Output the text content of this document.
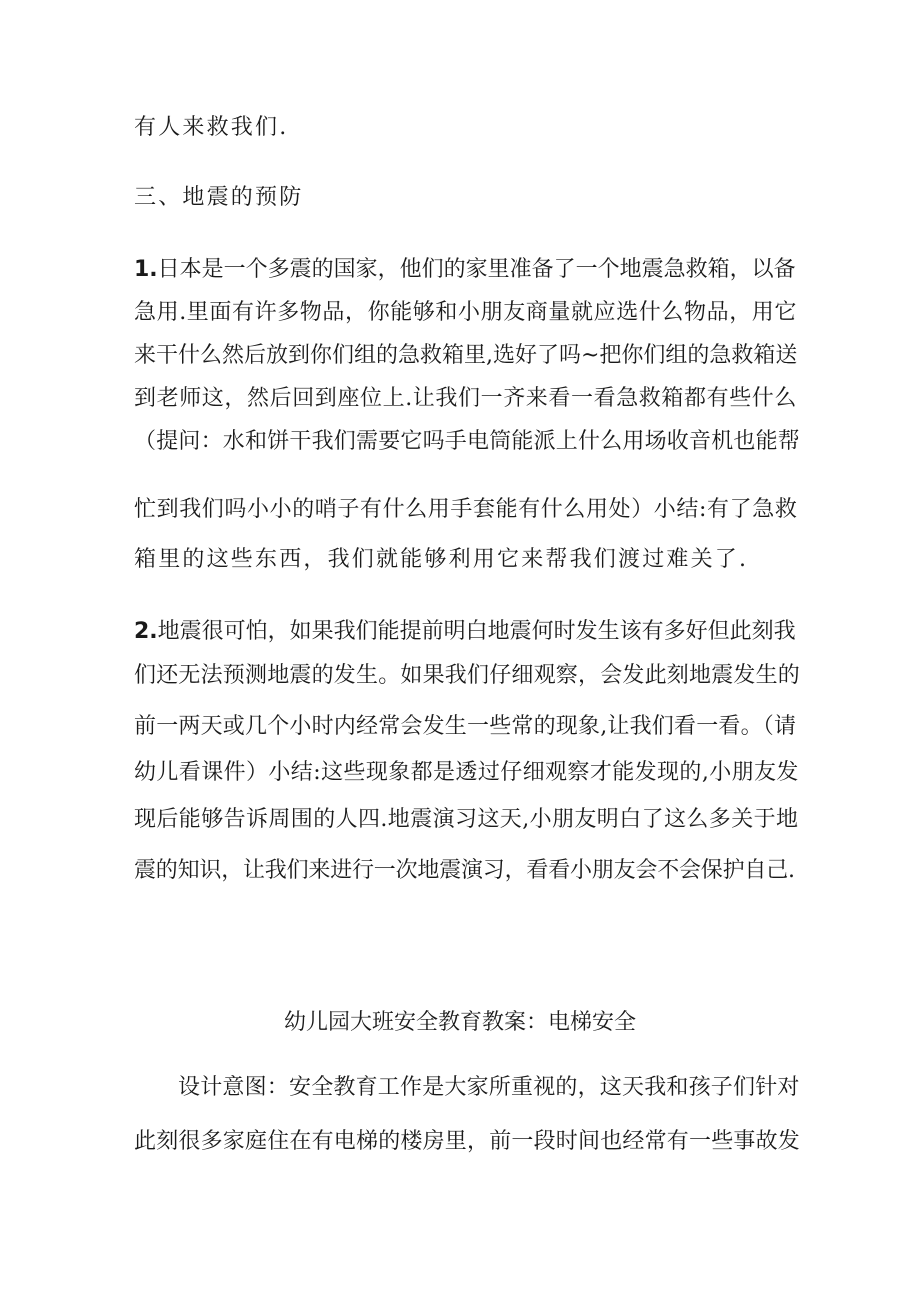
有人来救我们.
三、地震的预防
1.日本是一个多震的国家，他们的家里准备了一个地震急救箱，以备
急用.里面有许多物品，你能够和小朋友商量就应选什么物品，用它
来干什么然后放到你们组的急救箱里,选好了吗~把你们组的急救箱送
到老师这，然后回到座位上.让我们一齐来看一看急救箱都有些什么
（提问：水和饼干我们需要它吗手电筒能派上什么用场收音机也能帮
忙到我们吗小小的哨子有什么用手套能有什么用处）小结:有了急救
箱里的这些东西，我们就能够利用它来帮我们渡过难关了.
2.地震很可怕，如果我们能提前明白地震何时发生该有多好但此刻我
们还无法预测地震的发生。如果我们仔细观察，会发此刻地震发生的
前一两天或几个小时内经常会发生一些常的现象,让我们看一看。（请
幼儿看课件）小结:这些现象都是透过仔细观察才能发现的,小朋友发
现后能够告诉周围的人四.地震演习这天,小朋友明白了这么多关于地
震的知识，让我们来进行一次地震演习，看看小朋友会不会保护自己.
幼儿园大班安全教育教案：电梯安全
设计意图：安全教育工作是大家所重视的，这天我和孩子们针对
此刻很多家庭住在有电梯的楼房里，前一段时间也经常有一些事故发
